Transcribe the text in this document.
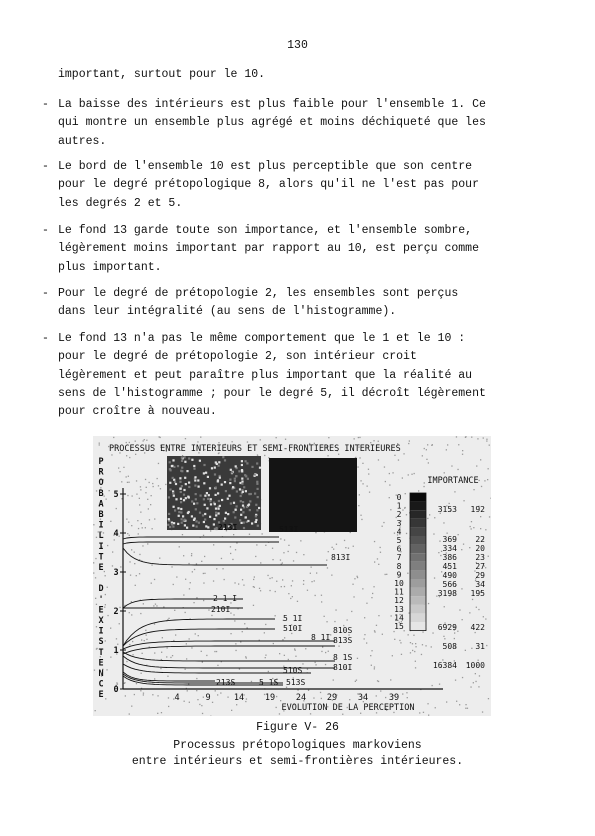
130
important, surtout pour le 10.
- La baisse des intérieurs est plus faible pour l'ensemble 1. Ce
qui montre un ensemble plus agrégé et moins déchiqueté que les
autres.
- Le bord de l'ensemble 10 est plus perceptible que son centre
pour le degré prétopologique 8, alors qu'il ne l'est pas pour
les degrés 2 et 5.
- Le fond 13 garde toute son importance, et l'ensemble sombre,
légèrement moins important par rapport au 10, est perçu comme
plus important.
- Pour le degré de prétopologie 2, les ensembles sont perçus
dans leur intégralité (au sens de l'histogramme).
- Le fond 13 n'a pas le même comportement que le 1 et le 10 :
pour le degré de prétopologie 2, son intérieur croit
légèrement et peut paraître plus important que la réalité au
sens de l'histogramme ; pour le degré 5, il décroît légèrement
pour croître à nouveau.
PROCESSUS ENTRE INTERIEURS ET SEMI-FRONTIERES INTERIEURES
P
R
O
B
A
B
I
L
I
T
E
D
'
E
X
I
S
T
E
N
C
E
0
1
2
3
4
5
4	9	14 19 24 29 34 39
EVOLUTION DE LA PERCEPTION
213I	513I
813I
2 1 I
210I
5 1I
510I	810S
8 1I 813S
8 1S
810I
510S
213S	5 1S 513S
IMPORTANCE
0
1
2
3
4
5
6
7
8
9
10
11
12
13
14
15
3153 192
369 22
334 20
386 23
451 27
490 29
566 34
3198 195
6929 422
508 31
16384 1000
Figure V- 26
Processus prétopologiques markoviens
entre intérieurs et semi-frontières intérieures.
